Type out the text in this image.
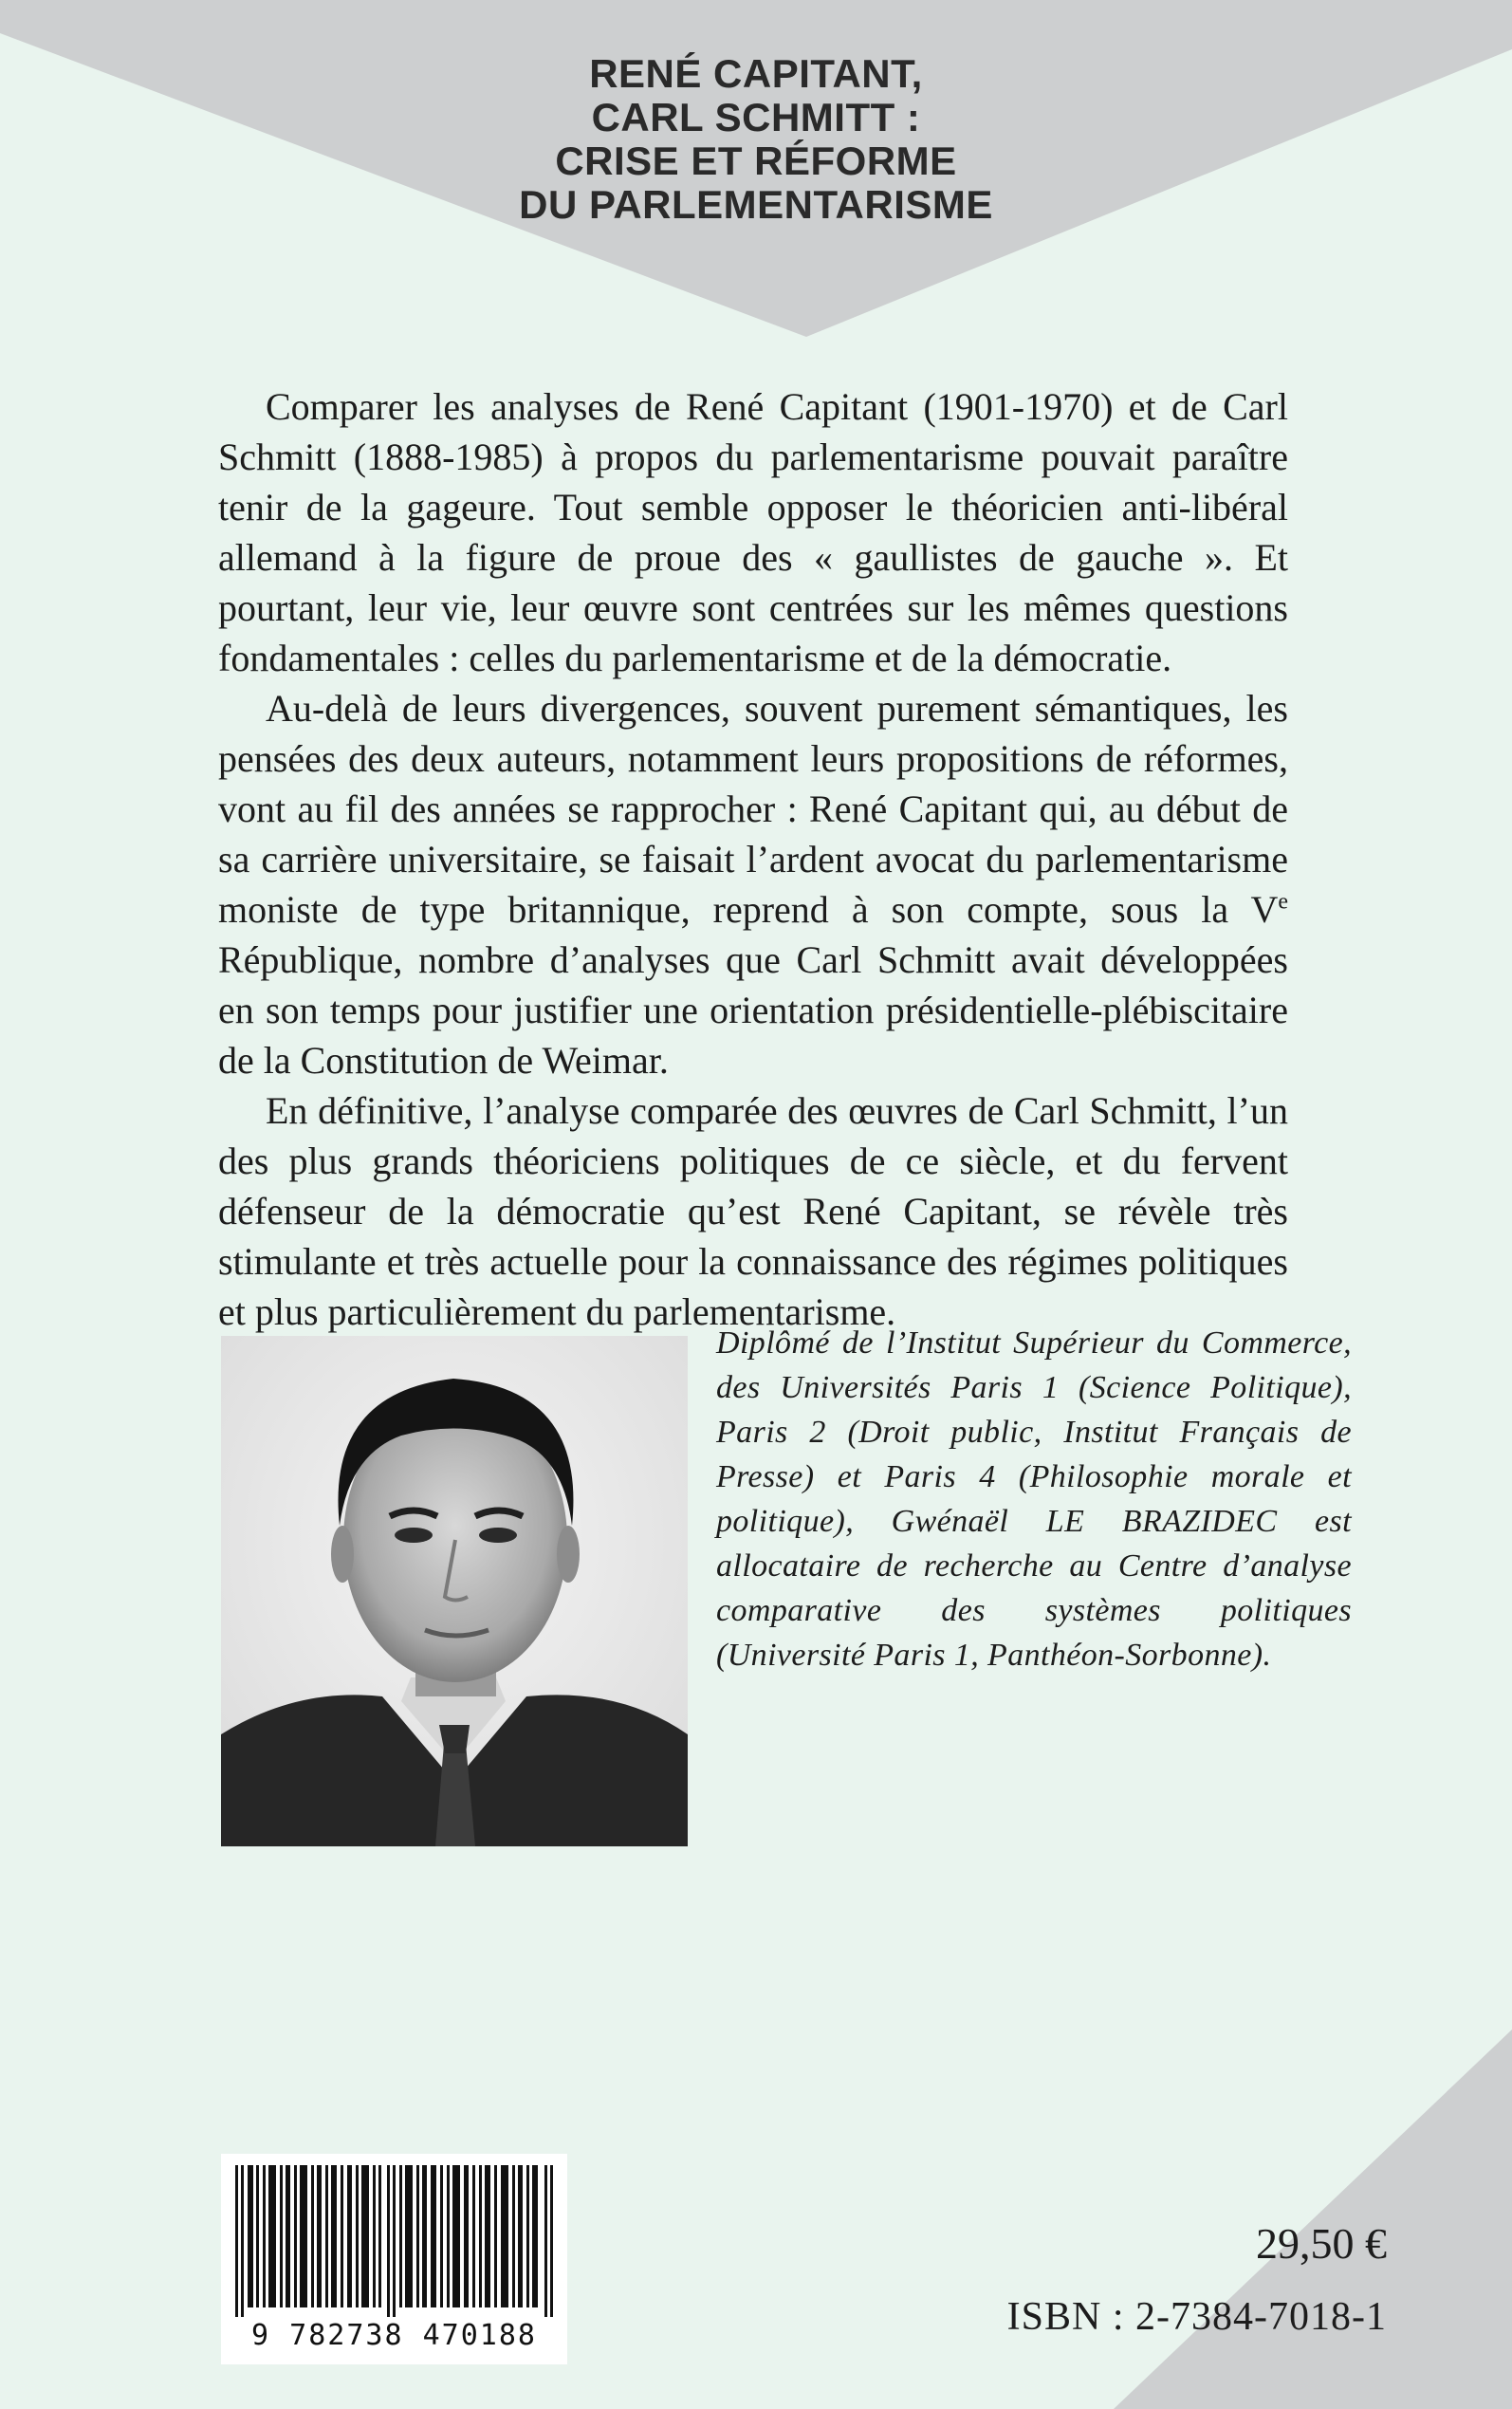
RENÉ CAPITANT,
CARL SCHMITT :
CRISE ET RÉFORME
DU PARLEMENTARISME

Comparer les analyses de René Capitant (1901-1970) et de Carl Schmitt (1888-1985) à propos du parlementarisme pouvait paraître tenir de la gageure. Tout semble opposer le théoricien anti-libéral allemand à la figure de proue des « gaullistes de gauche ». Et pourtant, leur vie, leur œuvre sont centrées sur les mêmes questions fondamentales : celles du parlementarisme et de la démocratie.

Au-delà de leurs divergences, souvent purement sémantiques, les pensées des deux auteurs, notamment leurs propositions de réformes, vont au fil des années se rapprocher : René Capitant qui, au début de sa carrière universitaire, se faisait l’ardent avocat du parlementarisme moniste de type britannique, reprend à son compte, sous la Ve République, nombre d’analyses que Carl Schmitt avait développées en son temps pour justifier une orientation présidentielle-plébiscitaire de la Constitution de Weimar.

En définitive, l’analyse comparée des œuvres de Carl Schmitt, l’un des plus grands théoriciens politiques de ce siècle, et du fervent défenseur de la démocratie qu’est René Capitant, se révèle très stimulante et très actuelle pour la connaissance des régimes politiques et plus particulièrement du parlementarisme.

Diplômé de l’Institut Supérieur du Commerce, des Universités Paris 1 (Science Politique), Paris 2 (Droit public, Institut Français de Presse) et Paris 4 (Philosophie morale et politique), Gwénaël LE BRAZIDEC est allocataire de recherche au Centre d’analyse comparative des systèmes politiques (Université Paris 1, Panthéon-Sorbonne).
9 782738 470188
29,50 €
ISBN : 2-7384-7018-1
